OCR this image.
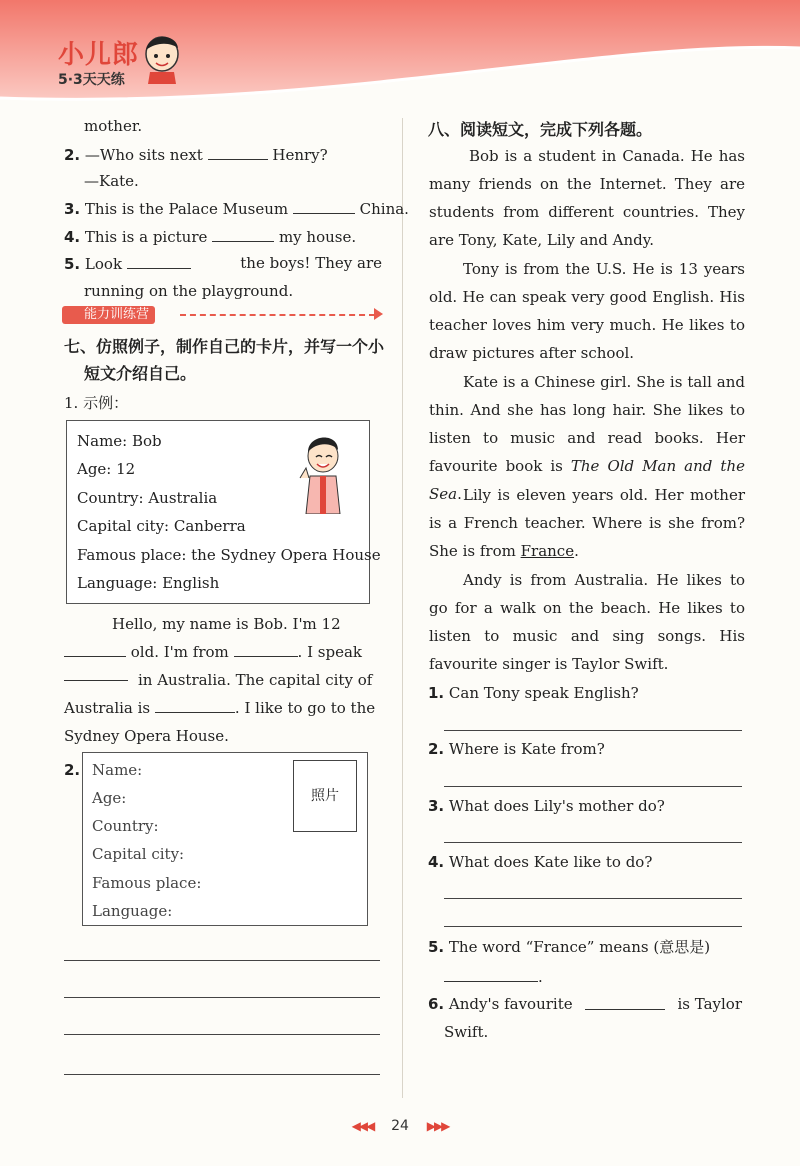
小儿郎
5·3天天练
mother.
2. —Who sits next	Henry?
—Kate.
3. This is the Palace Museum	China.
4. This is a picture	my house.
5. Look	the boys! They are
running on the playground.
能力训练营
七、仿照例子，制作自己的卡片，并写一个小
短文介绍自己。
1. 示例：
Name: Bob
Age: 12
Country: Australia
Capital city: Canberra
Famous place: the Sydney Opera House
Language: English
Hello, my name is Bob. I'm 12
old. I'm from	. I speak
in Australia. The capital city of
Australia is	. I like to go to the
Sydney Opera House.
2. Name:
Age:
Country:
Capital city:
Famous place:
Language:
照片
八、阅读短文，完成下列各题。
Bob is a student in Canada. He has many friends on the Internet. They are students from different countries. They are Tony, Kate, Lily and Andy.
Tony is from the U.S. He is 13 years old. He can speak very good English. His teacher loves him very much. He likes to draw pictures after school.
Kate is a Chinese girl. She is tall and thin. And she has long hair. She likes to listen to music and read books. Her favourite book is The Old Man and the Sea. Lily is eleven years old. Her mother is a French teacher. Where is she from? She is from France.
Andy is from Australia. He likes to go for a walk on the beach. He likes to listen to music and sing songs. His favourite singer is Taylor Swift.
1. Can Tony speak English?
2. Where is Kate from?
3. What does Lily's mother do?
4. What does Kate like to do?
5. The word “France” means (意思是)
.
6. Andy's favourite	is Taylor
Swift.
◀◀◀ 24 ▶▶▶
